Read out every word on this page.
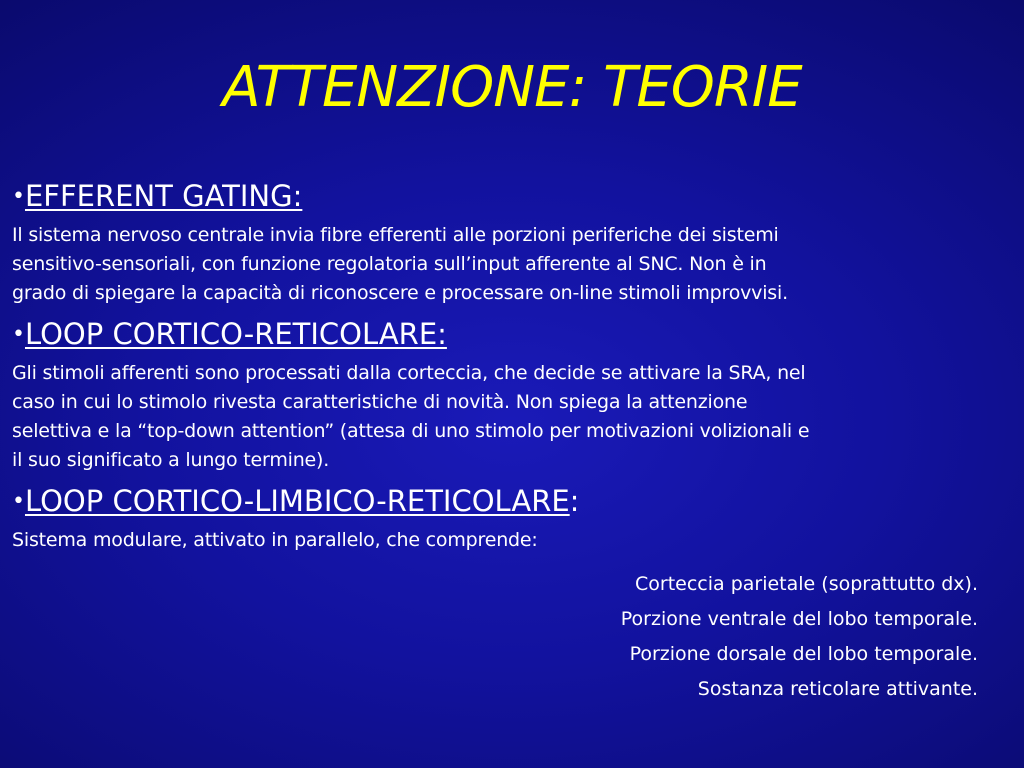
ATTENZIONE: TEORIE

•EFFERENT GATING:

Il sistema nervoso centrale invia fibre efferenti alle porzioni periferiche dei sistemi
sensitivo-sensoriali, con funzione regolatoria sull’input afferente al SNC. Non è in
grado di spiegare la capacità di riconoscere e processare on-line stimoli improvvisi.

•LOOP CORTICO-RETICOLARE:

Gli stimoli afferenti sono processati dalla corteccia, che decide se attivare la SRA, nel
caso in cui lo stimolo rivesta caratteristiche di novità. Non spiega la attenzione
selettiva e la “top-down attention” (attesa di uno stimolo per motivazioni volizionali e
il suo significato a lungo termine).

•LOOP CORTICO-LIMBICO-RETICOLARE:

Sistema modulare, attivato in parallelo, che comprende:
Corteccia parietale (soprattutto dx).
Porzione ventrale del lobo temporale.
Porzione dorsale del lobo temporale.
Sostanza reticolare attivante.
